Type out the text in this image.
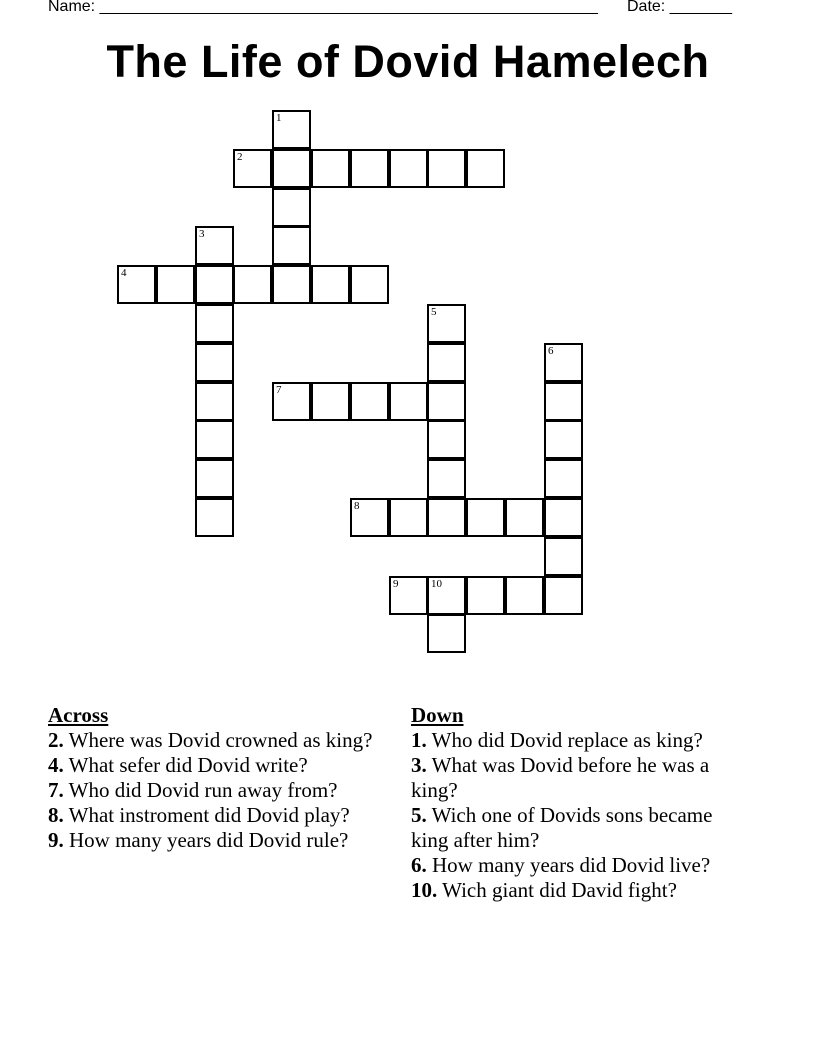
Name: ________________________________________________________ Date: _______
The Life of Dovid Hamelech
1
2
3
4
5
6
7
8
9	10
Across
2. Where was Dovid crowned as king?
4. What sefer did Dovid write?
7. Who did Dovid run away from?
8. What instroment did Dovid play?
9. How many years did Dovid rule?
Down
1. Who did Dovid replace as king?
3. What was Dovid before he was a king?
5. Wich one of Dovids sons became king after him?
6. How many years did Dovid live?
10. Wich giant did David fight?
